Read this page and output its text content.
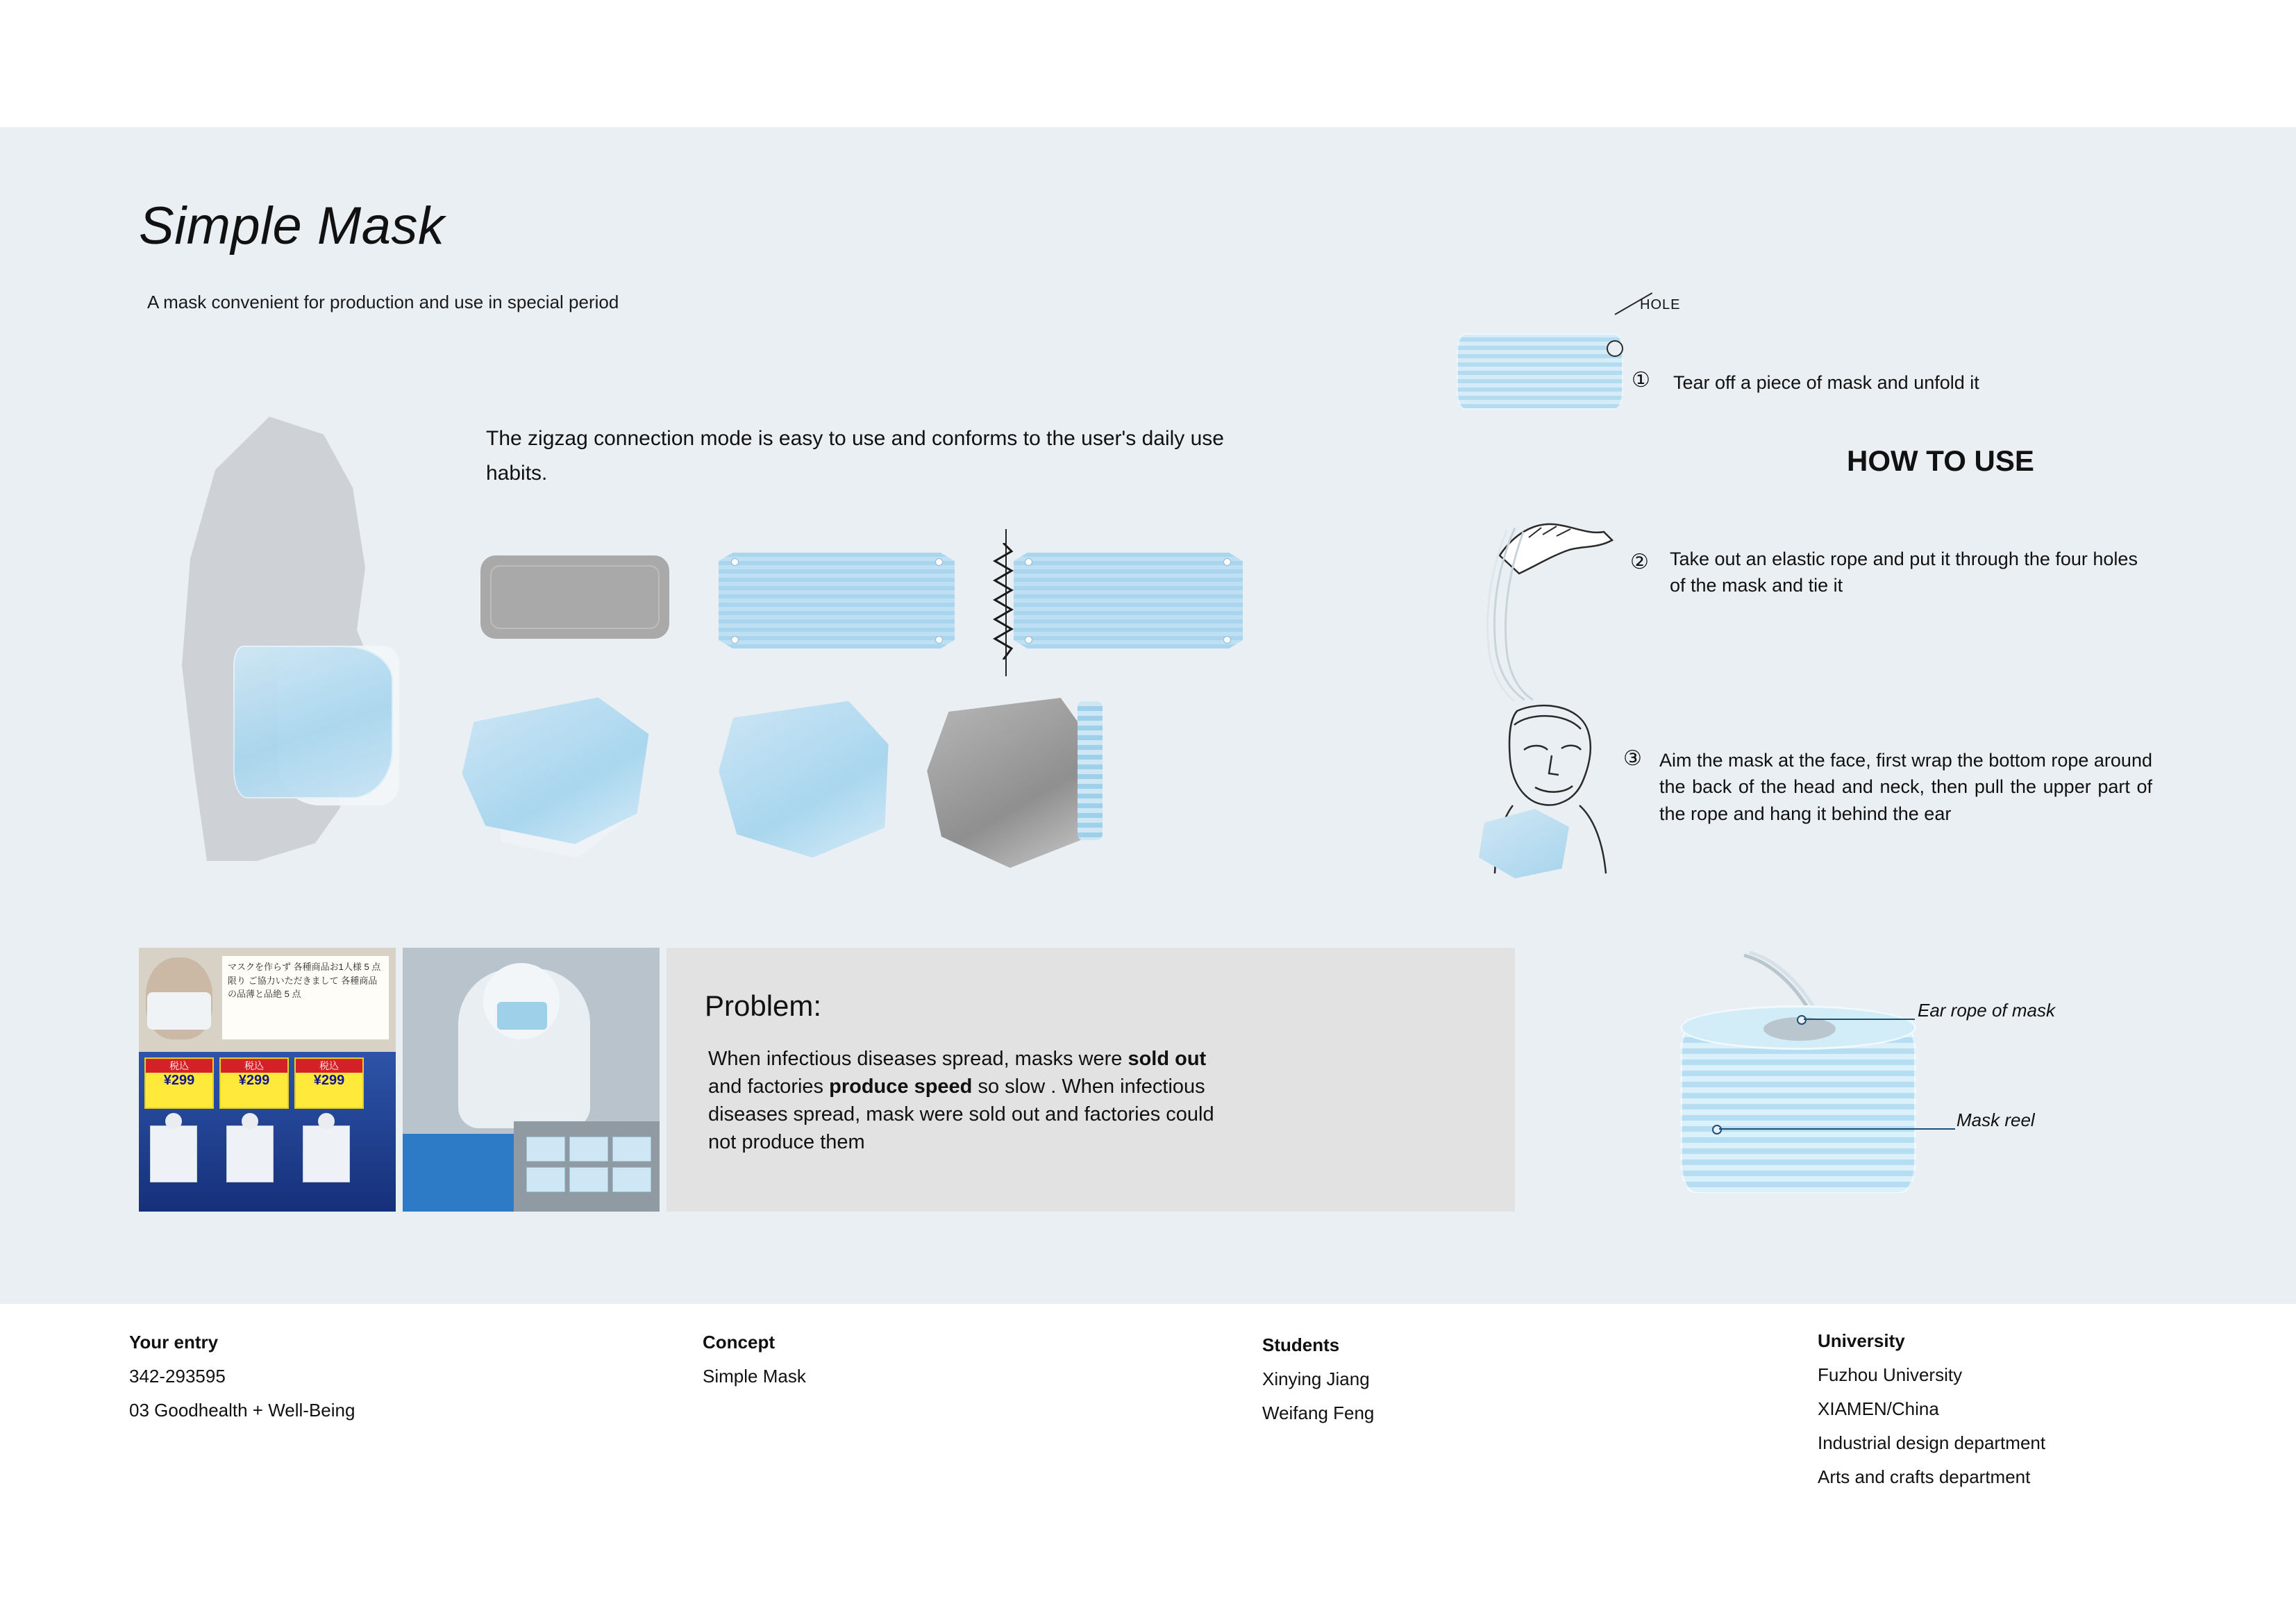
Simple Mask
A mask convenient for production and use in special period
The zigzag connection mode is easy to use and conforms to the user's daily use habits.
マスクを作らず 各種商品お1人様 5 点限り ご協力いただきまして 各種商品の品薄と品絶 5 点
税込
¥299
税込
¥299
税込
¥299
Problem:
When infectious diseases spread, masks were sold out
and factories produce speed so slow . When infectious
diseases spread, mask were sold out and factories could
not produce them
HOW TO USE
HOLE
① Tear off a piece of mask and unfold it
② Take out an elastic rope and put it through the four holes of the mask and tie it
③ Aim the mask at the face, first wrap the bottom rope around the back of the head and neck, then pull the upper part of the rope and hang it behind the ear
Ear rope of mask
Mask reel
Your entry
342-293595
03 Goodhealth + Well-Being
Concept
Simple Mask
Students
Xinying Jiang
Weifang Feng
University
Fuzhou University
XIAMEN/China
Industrial design department
Arts and crafts department
